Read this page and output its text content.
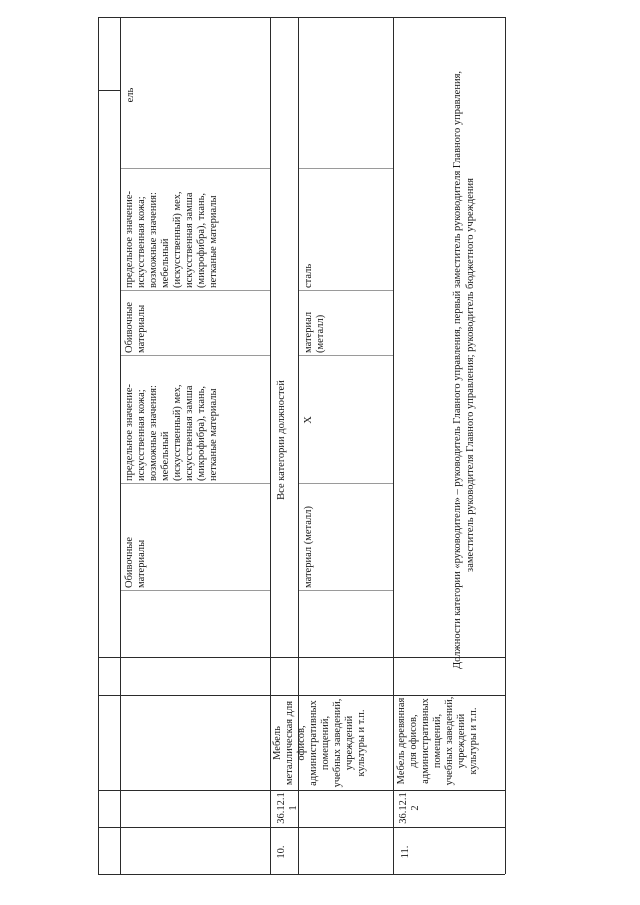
ель
предельное значение-искусственная кожа; возможные значения: мебельный (искусственный) мех, искусственная замша (микрофибра), ткань, нетканые материалы
Обивочные материалы
предельное значение-искусственная кожа; возможные значения: мебельный (искусственный) мех, искусственная замша (микрофибра), ткань, нетканые материалы
Обивочные материалы
Все категории должностей
10.
36.12.1 1
Мебель металлическая для офисов, административных помещений, учебных заведений, учреждений культуры и т.п.
материал (металл)
X
материал (металл)
сталь
11.
36.12.1 2
Мебель деревянная для офисов, административных помещений, учебных заведений, учреждений культуры и т.п.
Должности категории «руководители» – руководитель Главного управления, первый заместитель руководителя Главного управления, заместитель руководителя Главного управления; руководитель бюджетного учреждения
